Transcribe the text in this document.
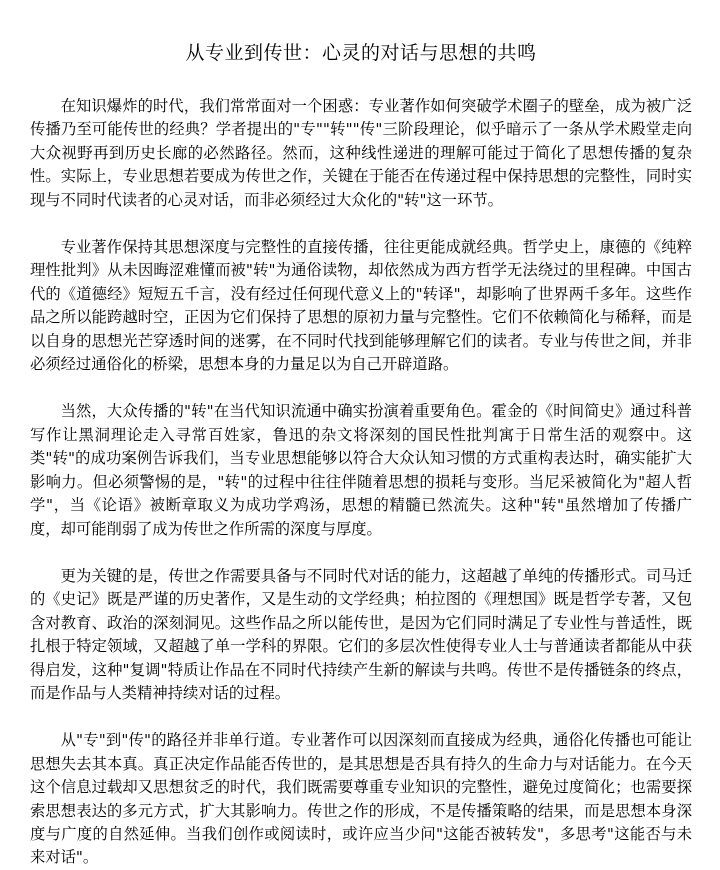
从专业到传世：心灵的对话与思想的共鸣

在知识爆炸的时代，我们常常面对一个困惑：专业著作如何突破学术圈子的壁垒，成为被广泛传播乃至可能传世的经典？学者提出的"专""转""传"三阶段理论，似乎暗示了一条从学术殿堂走向大众视野再到历史长廊的必然路径。然而，这种线性递进的理解可能过于简化了思想传播的复杂性。实际上，专业思想若要成为传世之作，关键在于能否在传递过程中保持思想的完整性，同时实现与不同时代读者的心灵对话，而非必须经过大众化的"转"这一环节。

专业著作保持其思想深度与完整性的直接传播，往往更能成就经典。哲学史上，康德的《纯粹理性批判》从未因晦涩难懂而被"转"为通俗读物，却依然成为西方哲学无法绕过的里程碑。中国古代的《道德经》短短五千言，没有经过任何现代意义上的"转译"，却影响了世界两千多年。这些作品之所以能跨越时空，正因为它们保持了思想的原初力量与完整性。它们不依赖简化与稀释，而是以自身的思想光芒穿透时间的迷雾，在不同时代找到能够理解它们的读者。专业与传世之间，并非必须经过通俗化的桥梁，思想本身的力量足以为自己开辟道路。

当然，大众传播的"转"在当代知识流通中确实扮演着重要角色。霍金的《时间简史》通过科普写作让黑洞理论走入寻常百姓家，鲁迅的杂文将深刻的国民性批判寓于日常生活的观察中。这类"转"的成功案例告诉我们，当专业思想能够以符合大众认知习惯的方式重构表达时，确实能扩大影响力。但必须警惕的是，"转"的过程中往往伴随着思想的损耗与变形。当尼采被简化为"超人哲学"，当《论语》被断章取义为成功学鸡汤，思想的精髓已然流失。这种"转"虽然增加了传播广度，却可能削弱了成为传世之作所需的深度与厚度。

更为关键的是，传世之作需要具备与不同时代对话的能力，这超越了单纯的传播形式。司马迁的《史记》既是严谨的历史著作，又是生动的文学经典；柏拉图的《理想国》既是哲学专著，又包含对教育、政治的深刻洞见。这些作品之所以能传世，是因为它们同时满足了专业性与普适性，既扎根于特定领域，又超越了单一学科的界限。它们的多层次性使得专业人士与普通读者都能从中获得启发，这种"复调"特质让作品在不同时代持续产生新的解读与共鸣。传世不是传播链条的终点，而是作品与人类精神持续对话的过程。

从"专"到"传"的路径并非单行道。专业著作可以因深刻而直接成为经典，通俗化传播也可能让思想失去其本真。真正决定作品能否传世的，是其思想是否具有持久的生命力与对话能力。在今天这个信息过载却又思想贫乏的时代，我们既需要尊重专业知识的完整性，避免过度简化；也需要探索思想表达的多元方式，扩大其影响力。传世之作的形成，不是传播策略的结果，而是思想本身深度与广度的自然延伸。当我们创作或阅读时，或许应当少问"这能否被转发"，多思考"这能否与未来对话"。
